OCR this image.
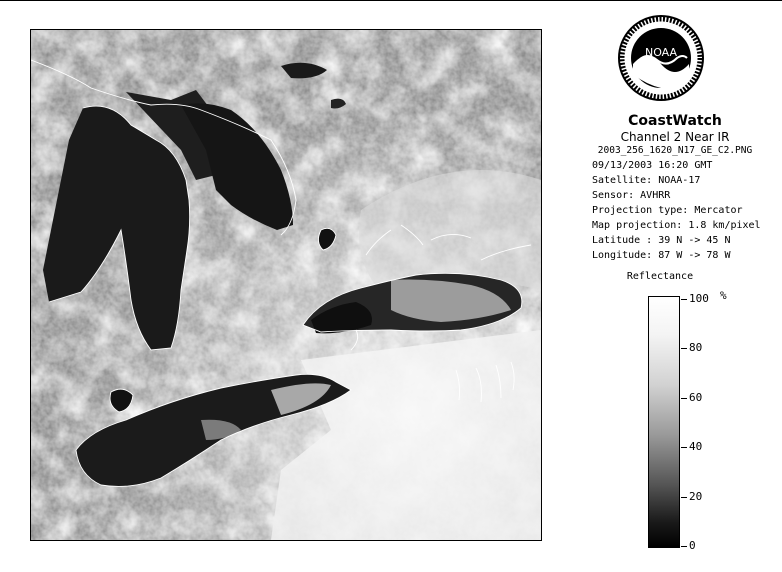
NOAA
CoastWatch
Channel 2 Near IR
2003_256_1620_N17_GE_C2.PNG
09/13/2003 16:20 GMT
Satellite: NOAA-17
Sensor: AVHRR
Projection type: Mercator
Map projection: 1.8 km/pixel
Latitude : 39 N -> 45 N
Longitude: 87 W -> 78 W
Reflectance
100 %
80
60
40
20
0
